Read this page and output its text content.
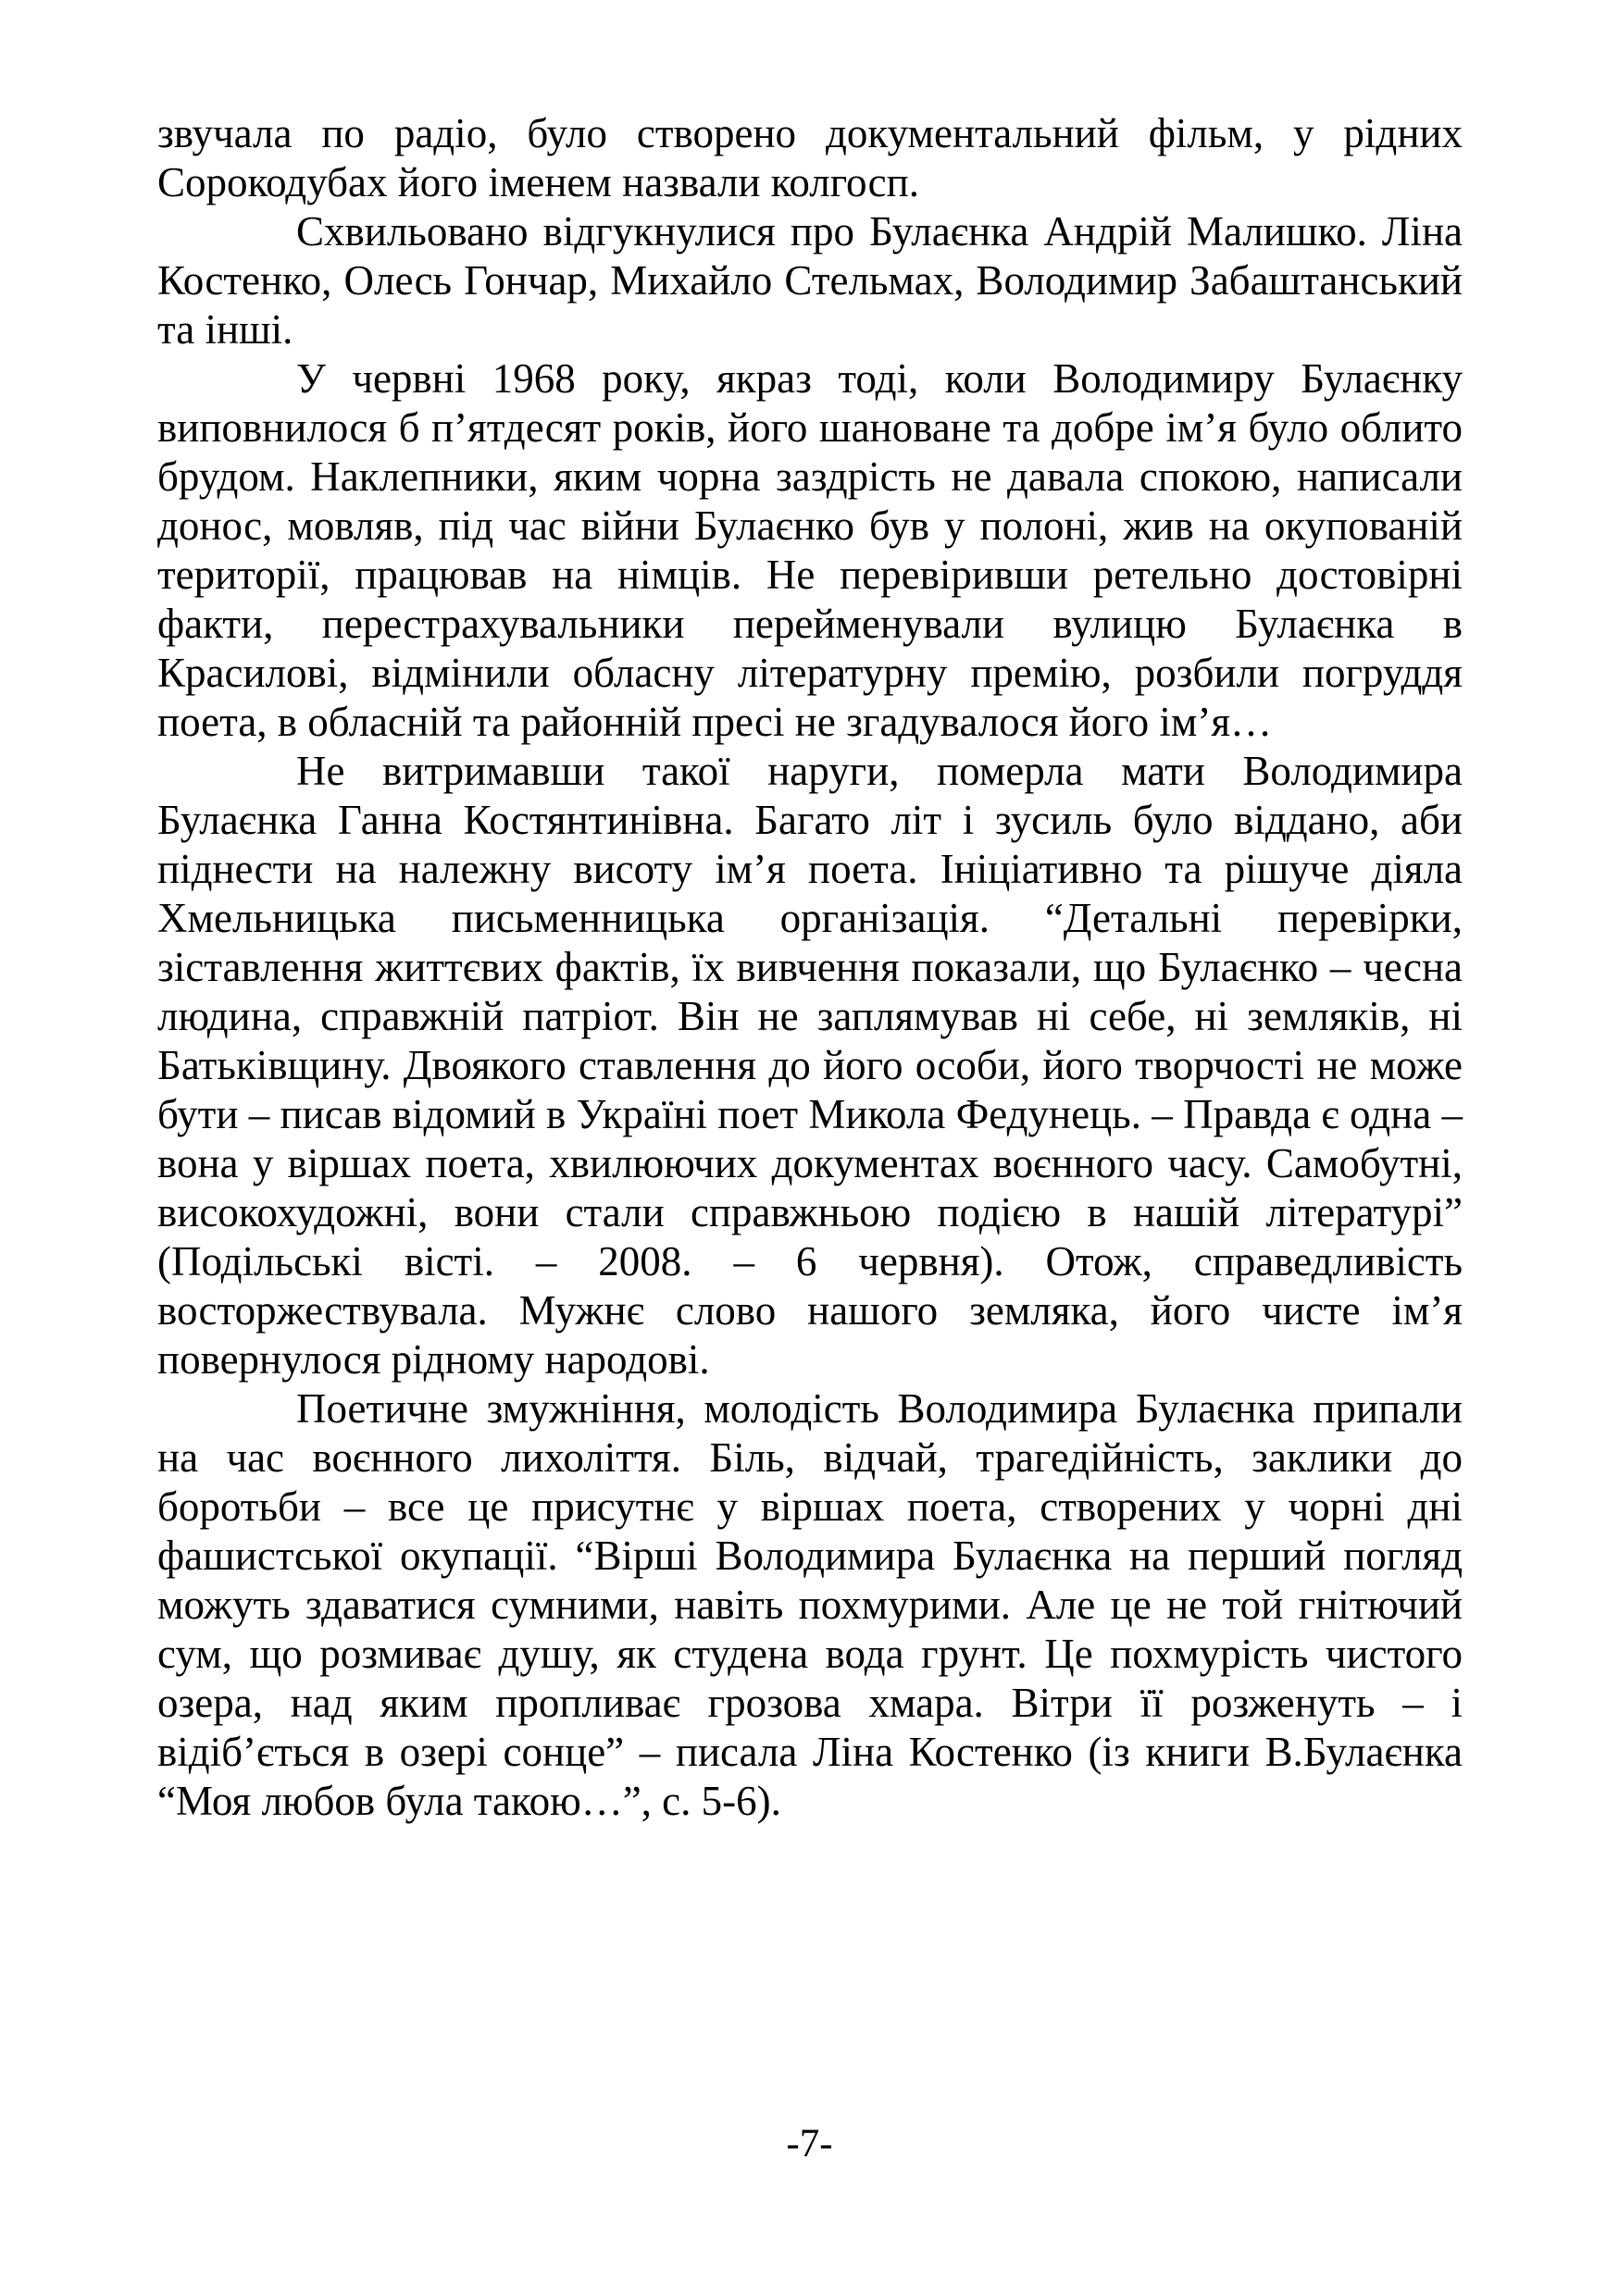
звучала по радіо, було створено документальний фільм, у рідних Сорокодубах його іменем назвали колгосп.

Схвильовано відгукнулися про Булаєнка Андрій Малишко. Ліна Костенко, Олесь Гончар, Михайло Стельмах, Володимир Забаштанський та інші.

У червні 1968 року, якраз тоді, коли Володимиру Булаєнку виповнилося б п’ятдесят років, його шановане та добре ім’я було облито брудом. Наклепники, яким чорна заздрість не давала спокою, написали донос, мовляв, під час війни Булаєнко був у полоні, жив на окупованій території, працював на німців. Не перевіривши ретельно достовірні факти, перестрахувальники перейменували вулицю Булаєнка в Красилові, відмінили обласну літературну премію, розбили погруддя поета, в обласній та районній пресі не згадувалося його ім’я…

Не витримавши такої наруги, померла мати Володимира Булаєнка Ганна Костянтинівна. Багато літ і зусиль було віддано, аби піднести на належну висоту ім’я поета. Ініціативно та рішуче діяла Хмельницька письменницька організація. “Детальні перевірки, зіставлення життєвих фактів, їх вивчення показали, що Булаєнко – чесна людина, справжній патріот. Він не заплямував ні себе, ні земляків, ні Батьківщину. Двоякого ставлення до його особи, його творчості не може бути – писав відомий в Україні поет Микола Федунець. – Правда є одна – вона у віршах поета, хвилюючих документах воєнного часу. Самобутні, високохудожні, вони стали справжньою подією в нашій літературі” (Подільські вісті. – 2008. – 6 червня). Отож, справедливість восторжествувала. Мужнє слово нашого земляка, його чисте ім’я повернулося рідному народові.

Поетичне змужніння, молодість Володимира Булаєнка припали на час воєнного лихоліття. Біль, відчай, трагедійність, заклики до боротьби – все це присутнє у віршах поета, створених у чорні дні фашистської окупації. “Вірші Володимира Булаєнка на перший погляд можуть здаватися сумними, навіть похмурими. Але це не той гнітючий сум, що розмиває душу, як студена вода грунт. Це похмурість чистого озера, над яким пропливає грозова хмара. Вітри її розженуть – і відіб’ється в озері сонце” – писала Ліна Костенко (із книги В.Булаєнка “Моя любов була такою…”, с. 5-6).

-7-
